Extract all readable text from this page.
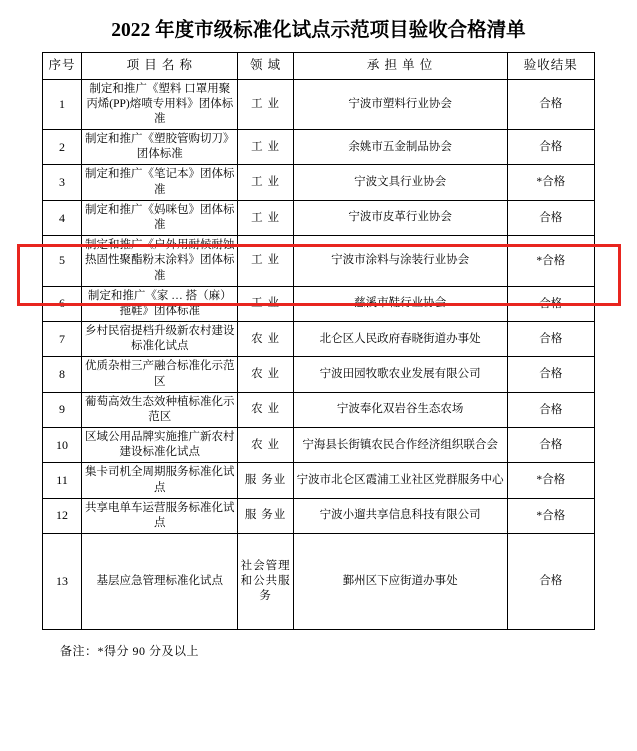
2022 年度市级标准化试点示范项目验收合格清单
序号	项 目 名 称	领 域	承 担 单 位	验收结果
1	制定和推广《塑料 口罩用聚丙烯(PP)熔喷专用料》团体标准	工 业	宁波市塑料行业协会	合格
2	制定和推广《塑胶管购切刀》团体标准	工 业	余姚市五金制品协会	合格
3	制定和推广《笔记本》团体标准	工 业	宁波文具行业协会	*合格
4	制定和推广《妈咪包》团体标准	工 业	宁波市皮革行业协会	合格
5	制定和推广《户外用耐候耐蚀热固性聚酯粉末涂料》团体标准	工 业	宁波市涂料与涂装行业协会	*合格
6	制定和推广《家 … 搭（麻）拖鞋》团体标准	工 业	慈溪市鞋行业协会	合格
7	乡村民宿提档升级新农村建设标准化试点	农 业	北仑区人民政府春晓街道办事处	合格
8	优质杂柑三产融合标准化示范区	农 业	宁波田园牧歌农业发展有限公司	合格
9	葡萄高效生态效种植标准化示范区	农 业	宁波奉化双岩谷生态农场	合格
10	区域公用品牌实施推广新农村建设标准化试点	农 业	宁海县长街镇农民合作经济组织联合会	合格
11	集卡司机全周期服务标准化试点	服 务业	宁波市北仑区霞浦工业社区党群服务中心	*合格
12	共享电单车运营服务标准化试点	服 务业	宁波小遛共享信息科技有限公司	*合格
13	基层应急管理标准化试点	社会管理和公共服务	鄞州区下应街道办事处	合格
备注：*得分 90 分及以上
